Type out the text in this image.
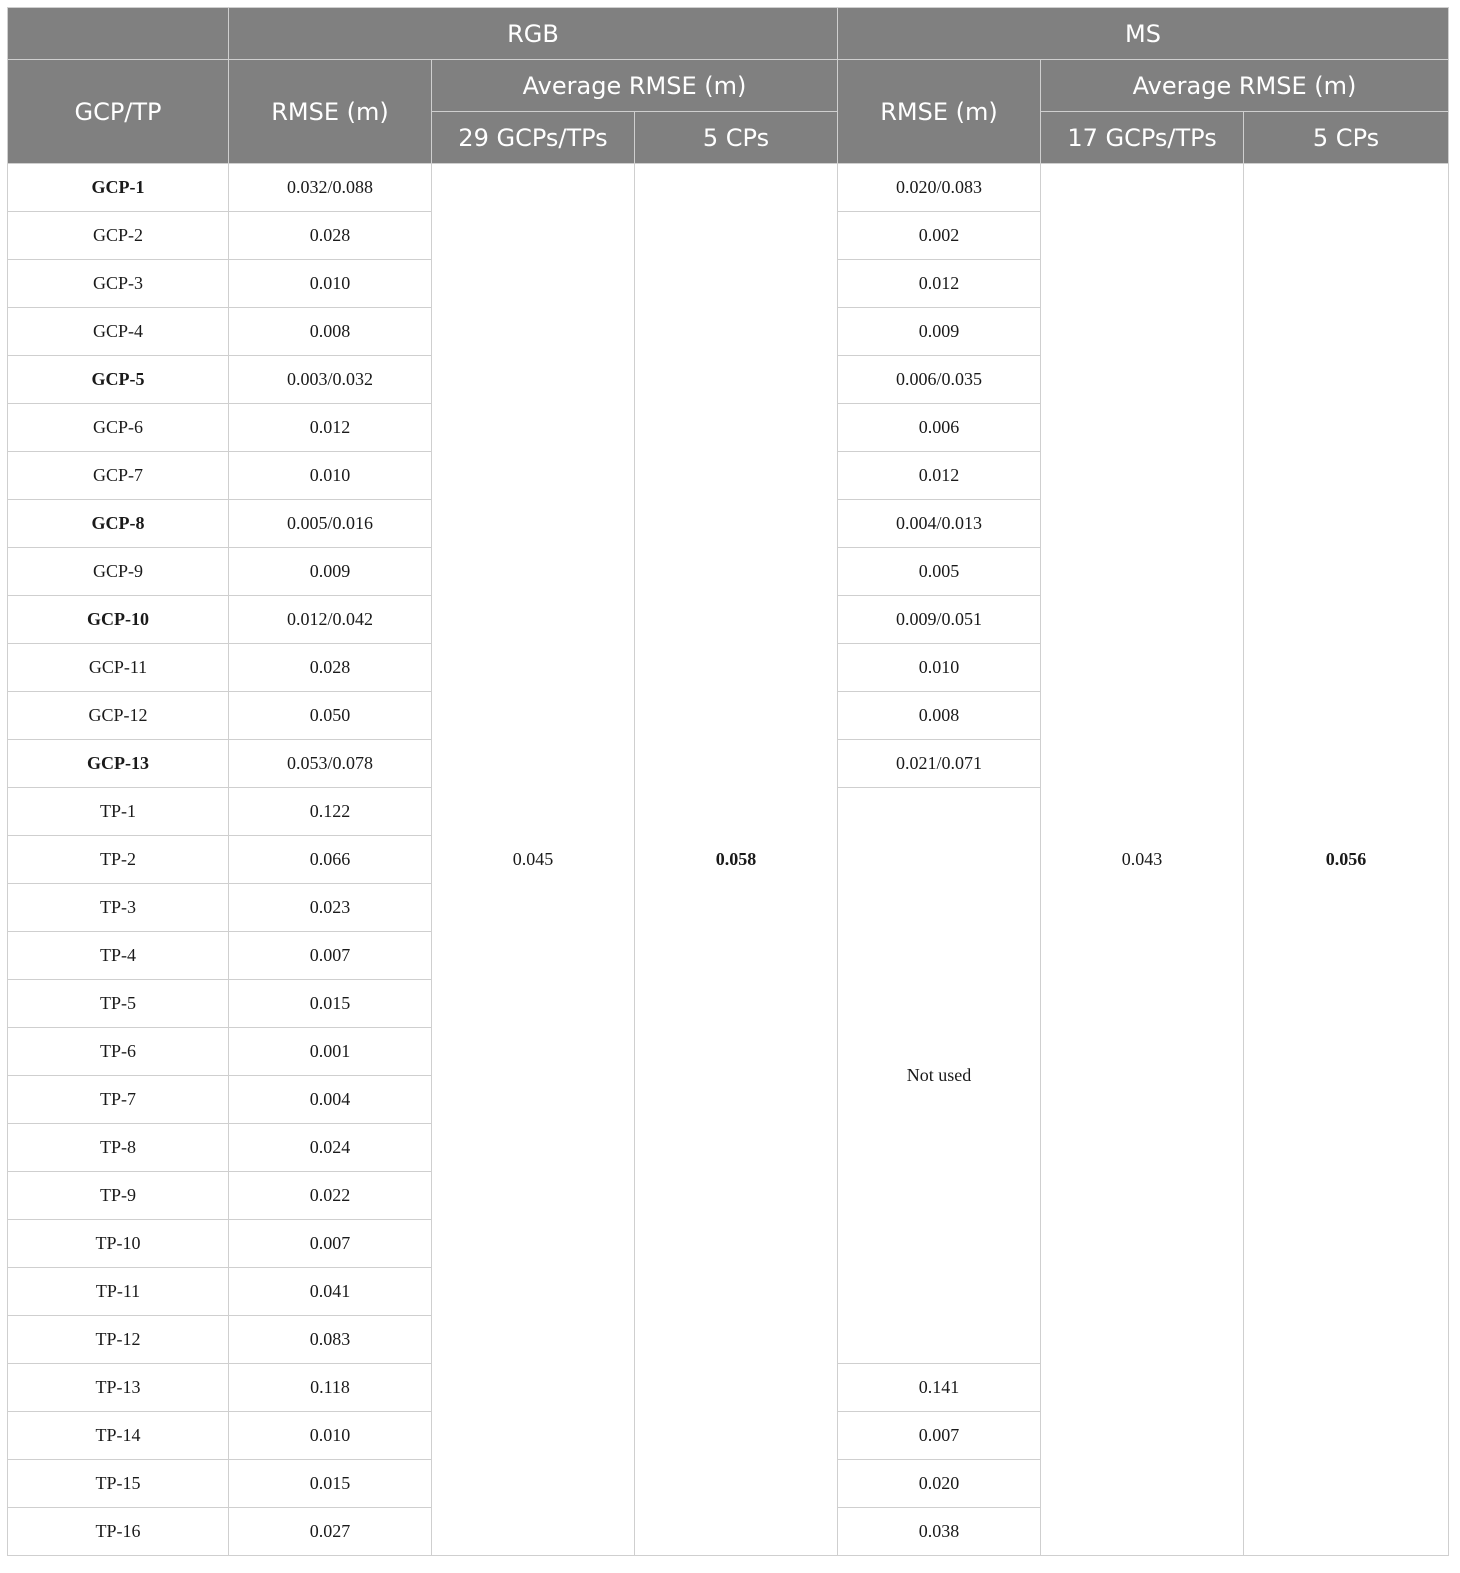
	RGB			MS		
GCP/TP	RMSE (m)	Average RMSE (m)		RMSE (m)	Average RMSE (m)	
		29 GCPs/TPs	5 CPs		17 GCPs/TPs	5 CPs
GCP-1	0.032/0.088	0.045	0.058	0.020/0.083	0.043	0.056
GCP-2	0.028			0.002		
GCP-3	0.010			0.012		
GCP-4	0.008			0.009		
GCP-5	0.003/0.032			0.006/0.035		
GCP-6	0.012			0.006		
GCP-7	0.010			0.012		
GCP-8	0.005/0.016			0.004/0.013		
GCP-9	0.009			0.005		
GCP-10	0.012/0.042			0.009/0.051		
GCP-11	0.028			0.010		
GCP-12	0.050			0.008		
GCP-13	0.053/0.078			0.021/0.071		
TP-1	0.122			Not used		
TP-2	0.066					
TP-3	0.023					
TP-4	0.007					
TP-5	0.015					
TP-6	0.001					
TP-7	0.004					
TP-8	0.024					
TP-9	0.022					
TP-10	0.007					
TP-11	0.041					
TP-12	0.083					
TP-13	0.118			0.141		
TP-14	0.010			0.007		
TP-15	0.015			0.020		
TP-16	0.027			0.038		
